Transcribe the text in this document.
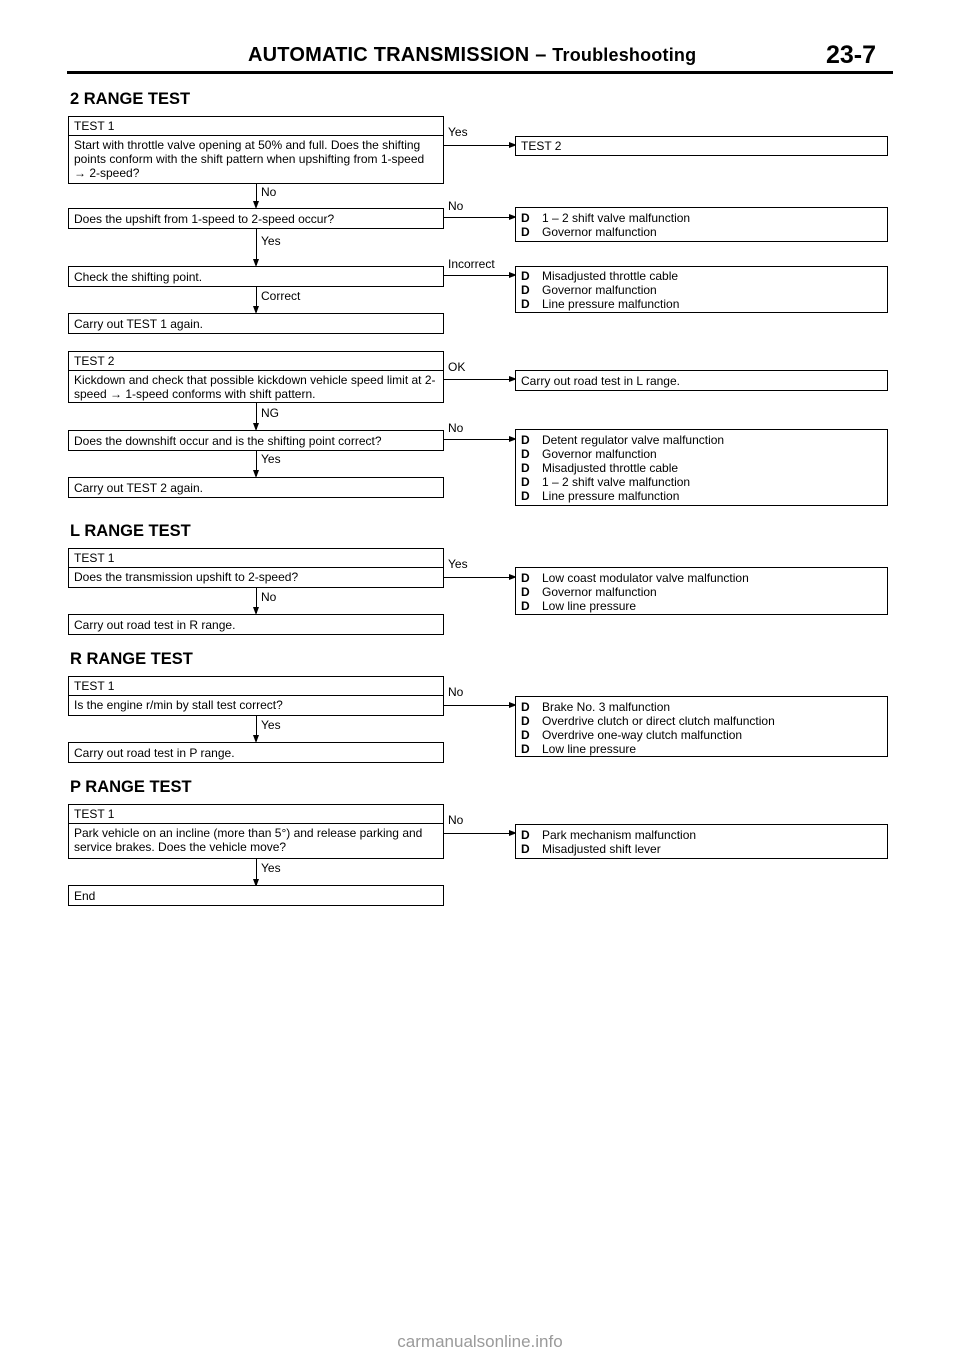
AUTOMATIC TRANSMISSION – Troubleshooting	23-7
2 RANGE TEST
TEST 1
Start with throttle valve opening at 50% and full. Does the shifting points conform with the shift pattern when upshifting from 1-speed → 2-speed?
Yes
TEST 2
No
Does the upshift from 1-speed to 2-speed occur?
No
D 1 – 2 shift valve malfunction
D Governor malfunction
Yes
Check the shifting point.
Incorrect
D Misadjusted throttle cable
D Governor malfunction
D Line pressure malfunction
Correct
Carry out TEST 1 again.
TEST 2
Kickdown and check that possible kickdown vehicle speed limit at 2-speed → 1-speed conforms with shift pattern.
OK
Carry out road test in L range.
NG
Does the downshift occur and is the shifting point correct?
No
D Detent regulator valve malfunction
D Governor malfunction
D Misadjusted throttle cable
D 1 – 2 shift valve malfunction
D Line pressure malfunction
Yes
Carry out TEST 2 again.
L RANGE TEST
TEST 1
Does the transmission upshift to 2-speed?
Yes
D Low coast modulator valve malfunction
D Governor malfunction
D Low line pressure
No
Carry out road test in R range.
R RANGE TEST
TEST 1
Is the engine r/min by stall test correct?
No
D Brake No. 3 malfunction
D Overdrive clutch or direct clutch malfunction
D Overdrive one-way clutch malfunction
D Low line pressure
Yes
Carry out road test in P range.
P RANGE TEST
TEST 1
Park vehicle on an incline (more than 5°) and release parking and service brakes. Does the vehicle move?
No
D Park mechanism malfunction
D Misadjusted shift lever
Yes
End
carmanualsonline.info
